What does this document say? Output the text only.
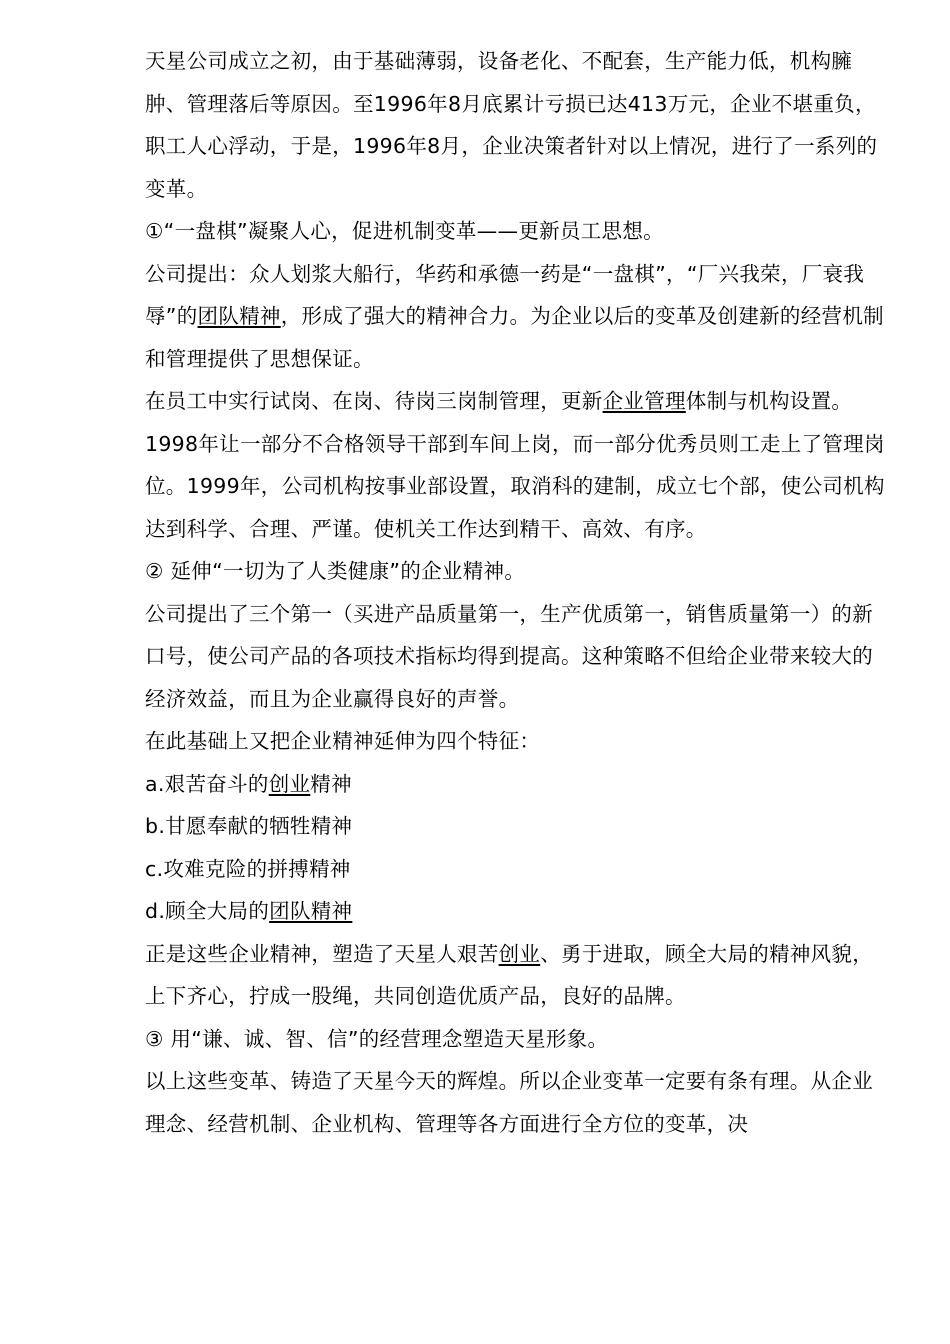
天星公司成立之初，由于基础薄弱，设备老化、不配套，生产能力低，机构臃肿、管理落后等原因。至1996年8月底累计亏损已达413万元，企业不堪重负，职工人心浮动，于是，1996年8月，企业决策者针对以上情况，进行了一系列的变革。

①“一盘棋”凝聚人心，促进机制变革——更新员工思想。

公司提出：众人划浆大船行，华药和承德一药是“一盘棋”，“厂兴我荣，厂衰我辱”的团队精神，形成了强大的精神合力。为企业以后的变革及创建新的经营机制和管理提供了思想保证。

在员工中实行试岗、在岗、待岗三岗制管理，更新企业管理体制与机构设置。1998年让一部分不合格领导干部到车间上岗，而一部分优秀员则工走上了管理岗位。1999年，公司机构按事业部设置，取消科的建制，成立七个部，使公司机构达到科学、合理、严谨。使机关工作达到精干、高效、有序。

② 延伸“一切为了人类健康”的企业精神。

公司提出了三个第一（买进产品质量第一，生产优质第一，销售质量第一）的新口号，使公司产品的各项技术指标均得到提高。这种策略不但给企业带来较大的经济效益，而且为企业赢得良好的声誉。

在此基础上又把企业精神延伸为四个特征：

a.艰苦奋斗的创业精神

b.甘愿奉献的牺牲精神

c.攻难克险的拼搏精神

d.顾全大局的团队精神

正是这些企业精神，塑造了天星人艰苦创业、勇于进取，顾全大局的精神风貌，上下齐心，拧成一股绳，共同创造优质产品，良好的品牌。

③ 用“谦、诚、智、信”的经营理念塑造天星形象。

以上这些变革、铸造了天星今天的辉煌。所以企业变革一定要有条有理。从企业理念、经营机制、企业机构、管理等各方面进行全方位的变革，决
